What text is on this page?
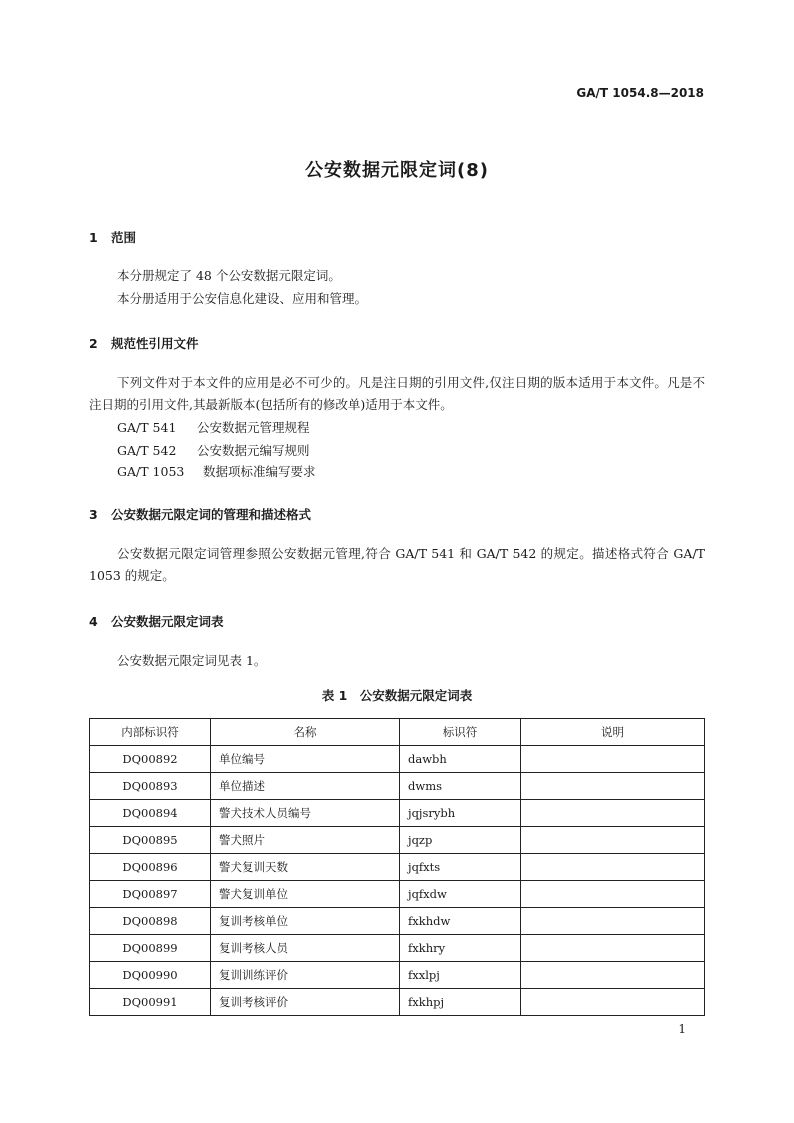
GA/T 1054.8—2018
公安数据元限定词(8)
1 范围
本分册规定了 48 个公安数据元限定词。
本分册适用于公安信息化建设、应用和管理。
2 规范性引用文件
下列文件对于本文件的应用是必不可少的。凡是注日期的引用文件,仅注日期的版本适用于本文件。凡是不注日期的引用文件,其最新版本(包括所有的修改单)适用于本文件。
GA/T 541 公安数据元管理规程
GA/T 542 公安数据元编写规则
GA/T 1053 数据项标准编写要求
3 公安数据元限定词的管理和描述格式
公安数据元限定词管理参照公安数据元管理,符合 GA/T 541 和 GA/T 542 的规定。描述格式符合 GA/T 1053 的规定。
4 公安数据元限定词表
公安数据元限定词见表 1。
表 1　公安数据元限定词表
内部标识符	名称	标识符	说明
DQ00892	单位编号	dawbh	
DQ00893	单位描述	dwms	
DQ00894	警犬技术人员编号	jqjsrybh	
DQ00895	警犬照片	jqzp	
DQ00896	警犬复训天数	jqfxts	
DQ00897	警犬复训单位	jqfxdw	
DQ00898	复训考核单位	fxkhdw	
DQ00899	复训考核人员	fxkhry	
DQ00990	复训训练评价	fxxlpj	
DQ00991	复训考核评价	fxkhpj	
1
